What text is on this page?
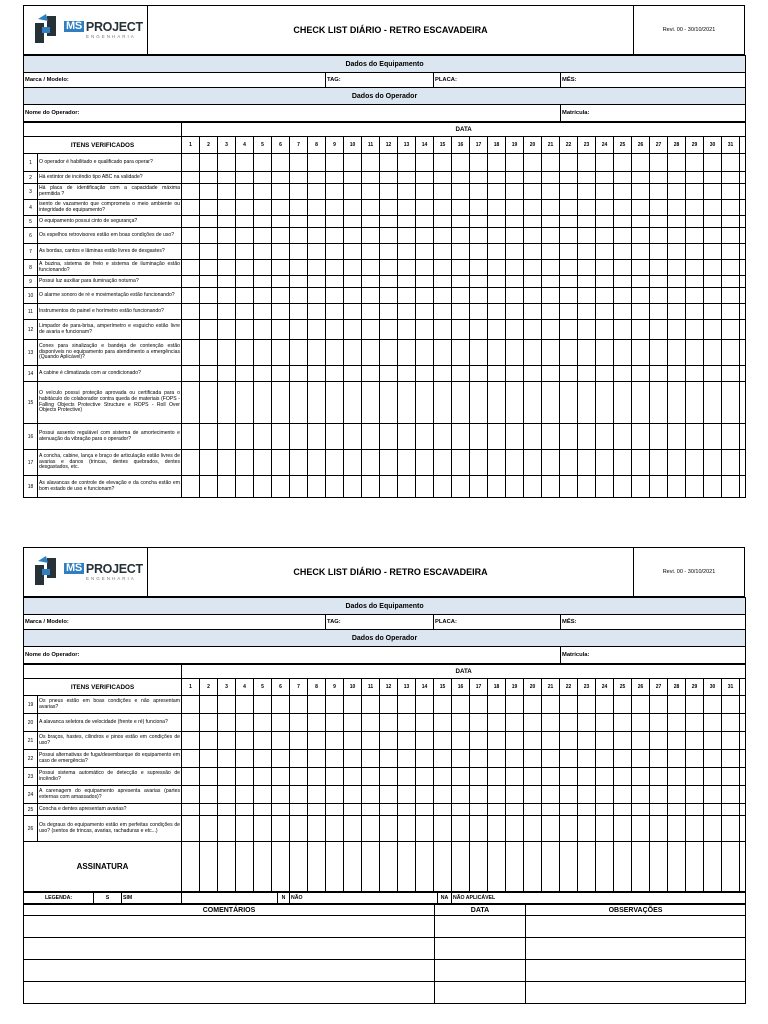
MS PROJECT
ENGENHARIA
CHECK LIST DIÁRIO - RETRO ESCAVADEIRA	Revi. 00 - 30/10/2021
Dados do Equipamento			
Marca / Modelo:	TAG:	PLACA:	MÊS:
Dados do Operador			
Nome do Operador:			Matrícula:
		DATA																															
ITENS VERIFICADOS		1	2	3	4	5	6	7	8	9	10	11	12	13	14	15	16	17	18	19	20	21	22	23	24	25	26	27	28	29	30	31	
1	O operador é habilitado e qualificado para operar?																																
2	Há extintor de incêndio tipo ABC na validade?																																
3	Há placa de identificação com a capacidade máxima permitida ?																																
4	isento de vazamento que comprometa o meio ambiente ou integridade do equipamento?																																
5	O equipamento possui cinto de segurança?																																
6	Os espelhos retrovisores estão em boas condições de uso?																																
7	As bordas, cantos e lâminas estão livres de desgastes?																																
8	A buzina, sistema de freio e sistema de iluminação estão funcionando?																																
9	Possui luz auxiliar para iluminação noturna?																																
10	O alarme sonoro de ré e movimentação estão funcionando?																																
11	Instrumentos do painel e horímetro estão funcionando?																																
12	Limpador de para-brisa, amperímetro e esguicho estão livre de avaria e funcionam?																																
13	Cones para sinalização e bandeja de contenção estão disponíveis no equipamento para atendimento a emergências (Quando Aplicável)?																																
14	A cabine é climatizada com ar condicionado?																																
15	O veículo possui proteção aprovada ou certificada para o habitáculo do colaborador contra queda de materiais (FOPS - Falling Objects Protective Structure e ROPS - Roll Over Objects Protective)																																
16	Possui assento regulável com sistema de amortecimento e atenuação da vibração para o operador?																																
17	A concha, cabine, lança e braço de articulação estão livres de avarias e danos (trincas, dentes quebrados, dentes desgastados, etc.																																
18	As alavancas de controle de elevação e da concha estão em bom estado de uso e funcionam?																																
MS PROJECT
ENGENHARIA
CHECK LIST DIÁRIO - RETRO ESCAVADEIRA	Revi. 00 - 30/10/2021
Dados do Equipamento			
Marca / Modelo:	TAG:	PLACA:	MÊS:
Dados do Operador			
Nome do Operador:			Matrícula:
		DATA																															
ITENS VERIFICADOS		1	2	3	4	5	6	7	8	9	10	11	12	13	14	15	16	17	18	19	20	21	22	23	24	25	26	27	28	29	30	31	
19	Os pneus estão em boas condições e não apresentam avarias?																																
20	A alavanca seletora de velocidade (frente e ré) funciona?																																
21	Os braços, hastes, cilindros e pinos estão em condições de uso?																																
22	Possui alternativas de fuga/desembarque do equipamento em caso de emergência?																																
23	Possui sistema automático de detecção e supressão de incêndio?																																
24	A carenagem do equipamento apresenta avarias (partes externas com amassados)?																																
25	Concha e dentes apresentam avarias?																																
26	Os degraus do equipamento estão em perfeitas condições de uso? (sentos de trincas, avarias, rachaduras e etc...)																																
ASSINATURA																																	
LEGENDA:	S	SIM		N	NÃO	NA	NÃO APLICÁVEL
COMENTÁRIOS	DATA	OBSERVAÇÕES
